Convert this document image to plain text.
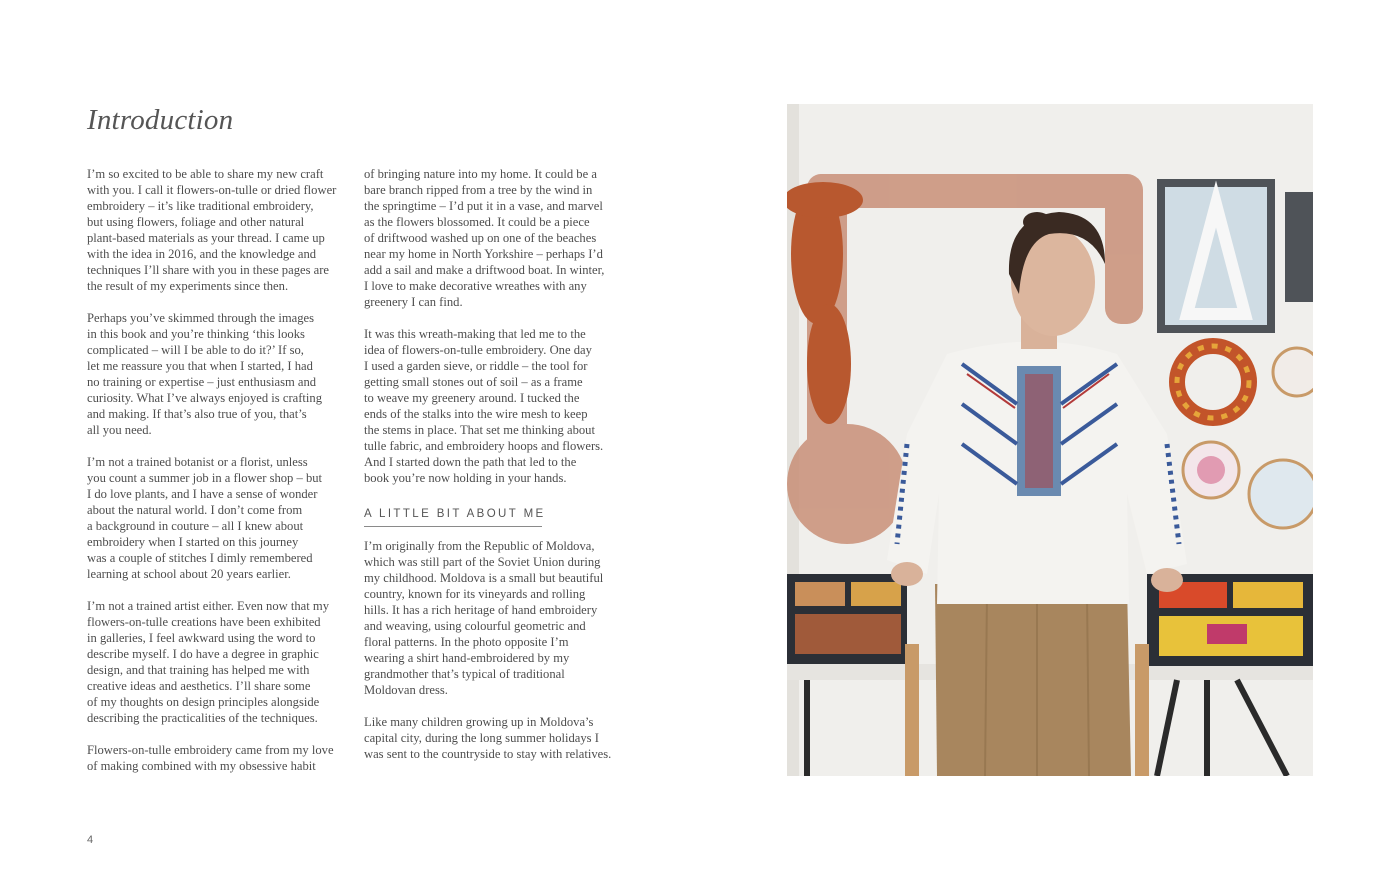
Introduction
I’m so excited to be able to share my new craft
with you. I call it flowers-on-tulle or dried flower
embroidery – it’s like traditional embroidery,
but using flowers, foliage and other natural
plant-based materials as your thread. I came up
with the idea in 2016, and the knowledge and
techniques I’ll share with you in these pages are
the result of my experiments since then.
Perhaps you’ve skimmed through the images
in this book and you’re thinking ‘this looks
complicated – will I be able to do it?’ If so,
let me reassure you that when I started, I had
no training or expertise – just enthusiasm and
curiosity. What I’ve always enjoyed is crafting
and making. If that’s also true of you, that’s
all you need.
I’m not a trained botanist or a florist, unless
you count a summer job in a flower shop – but
I do love plants, and I have a sense of wonder
about the natural world. I don’t come from
a background in couture – all I knew about
embroidery when I started on this journey
was a couple of stitches I dimly remembered
learning at school about 20 years earlier.
I’m not a trained artist either. Even now that my
flowers-on-tulle creations have been exhibited
in galleries, I feel awkward using the word to
describe myself. I do have a degree in graphic
design, and that training has helped me with
creative ideas and aesthetics. I’ll share some
of my thoughts on design principles alongside
describing the practicalities of the techniques.
Flowers-on-tulle embroidery came from my love
of making combined with my obsessive habit
of bringing nature into my home. It could be a
bare branch ripped from a tree by the wind in
the springtime – I’d put it in a vase, and marvel
as the flowers blossomed. It could be a piece
of driftwood washed up on one of the beaches
near my home in North Yorkshire – perhaps I’d
add a sail and make a driftwood boat. In winter,
I love to make decorative wreathes with any
greenery I can find.
It was this wreath-making that led me to the
idea of flowers-on-tulle embroidery. One day
I used a garden sieve, or riddle – the tool for
getting small stones out of soil – as a frame
to weave my greenery around. I tucked the
ends of the stalks into the wire mesh to keep
the stems in place. That set me thinking about
tulle fabric, and embroidery hoops and flowers.
And I started down the path that led to the
book you’re now holding in your hands.
A LITTLE BIT ABOUT ME
I’m originally from the Republic of Moldova,
which was still part of the Soviet Union during
my childhood. Moldova is a small but beautiful
country, known for its vineyards and rolling
hills. It has a rich heritage of hand embroidery
and weaving, using colourful geometric and
floral patterns. In the photo opposite I’m
wearing a shirt hand-embroidered by my
grandmother that’s typical of traditional
Moldovan dress.
Like many children growing up in Moldova’s
capital city, during the long summer holidays I
was sent to the countryside to stay with relatives.
4
